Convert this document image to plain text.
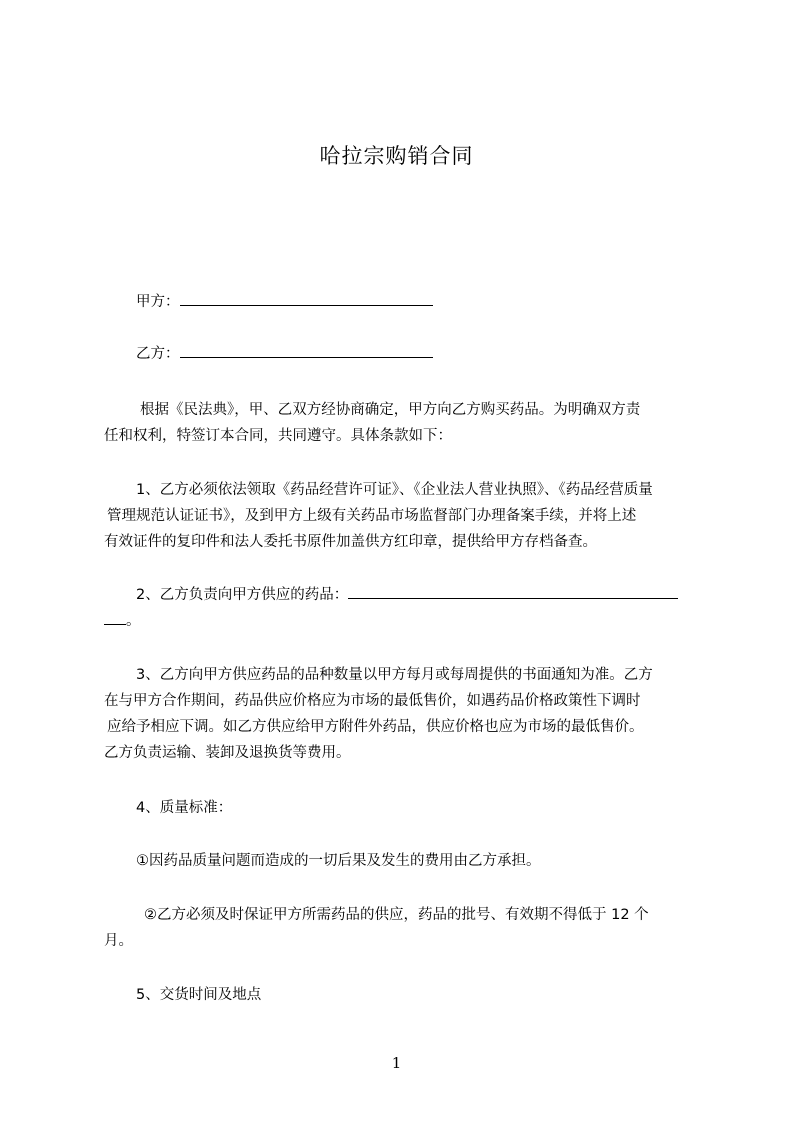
哈拉宗购销合同
甲方：
乙方：
根据《民法典》，甲、乙双方经协商确定，甲方向乙方购买药品。为明确双方责
任和权利，特签订本合同，共同遵守。具体条款如下：
1、乙方必须依法领取《药品经营许可证》、《企业法人营业执照》、《药品经营质量
管理规范认证证书》，及到甲方上级有关药品市场监督部门办理备案手续，并将上述
有效证件的复印件和法人委托书原件加盖供方红印章，提供给甲方存档备查。
2、乙方负责向甲方供应的药品：
。
3、乙方向甲方供应药品的品种数量以甲方每月或每周提供的书面通知为准。乙方
在与甲方合作期间，药品供应价格应为市场的最低售价，如遇药品价格政策性下调时
应给予相应下调。如乙方供应给甲方附件外药品，供应价格也应为市场的最低售价。
乙方负责运输、装卸及退换货等费用。
4、质量标准：
①因药品质量问题而造成的一切后果及发生的费用由乙方承担。
②乙方必须及时保证甲方所需药品的供应，药品的批号、有效期不得低于 12 个
月。
5、交货时间及地点
1
